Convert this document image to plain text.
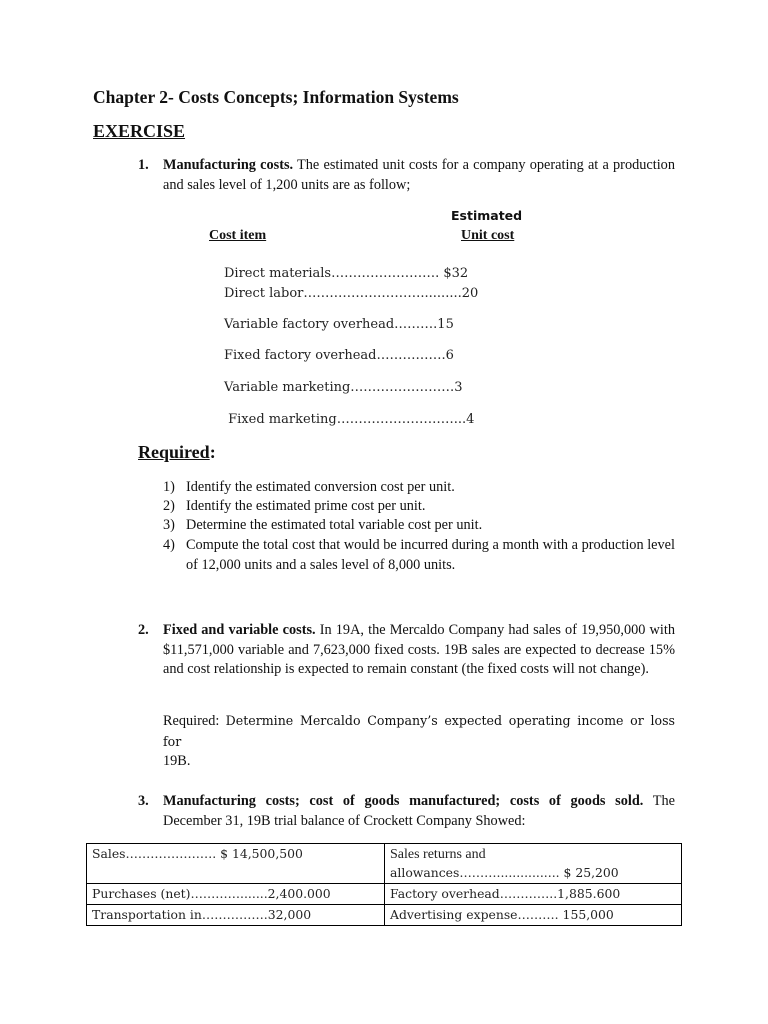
Chapter 2- Costs Concepts; Information Systems
EXERCISE
1. Manufacturing costs. The estimated unit costs for a company operating at a production and sales level of 1,200 units are as follow;
Estimated
Cost item	Unit cost
Direct materials……………………. $32
Direct labor………………………..........20
Variable factory overhead……….15
Fixed factory overhead…………….6
Variable marketing……………………3
Fixed marketing………………………...4
Required:
1) Identify the estimated conversion cost per unit.
2) Identify the estimated prime cost per unit.
3) Determine the estimated total variable cost per unit.
4) Compute the total cost that would be incurred during a month with a production level of 12,000 units and a sales level of 8,000 units.
2. Fixed and variable costs. In 19A, the Mercaldo Company had sales of 19,950,000 with $11,571,000 variable and 7,623,000 fixed costs. 19B sales are expected to decrease 15% and cost relationship is expected to remain constant (the fixed costs will not change).
Required: Determine Mercaldo Company’s expected operating income or loss for
19B.
3. Manufacturing costs; cost of goods manufactured; costs of goods sold. The December 31, 19B trial balance of Crockett Company Showed:
Sales…………………. $ 14,500,500	Sales returns and
allowances………................ $ 25,200
Purchases (net)………….......2,400.000	Factory overhead…………..1,885.600
Transportation in…………….32,000	Advertising expense………. 155,000
